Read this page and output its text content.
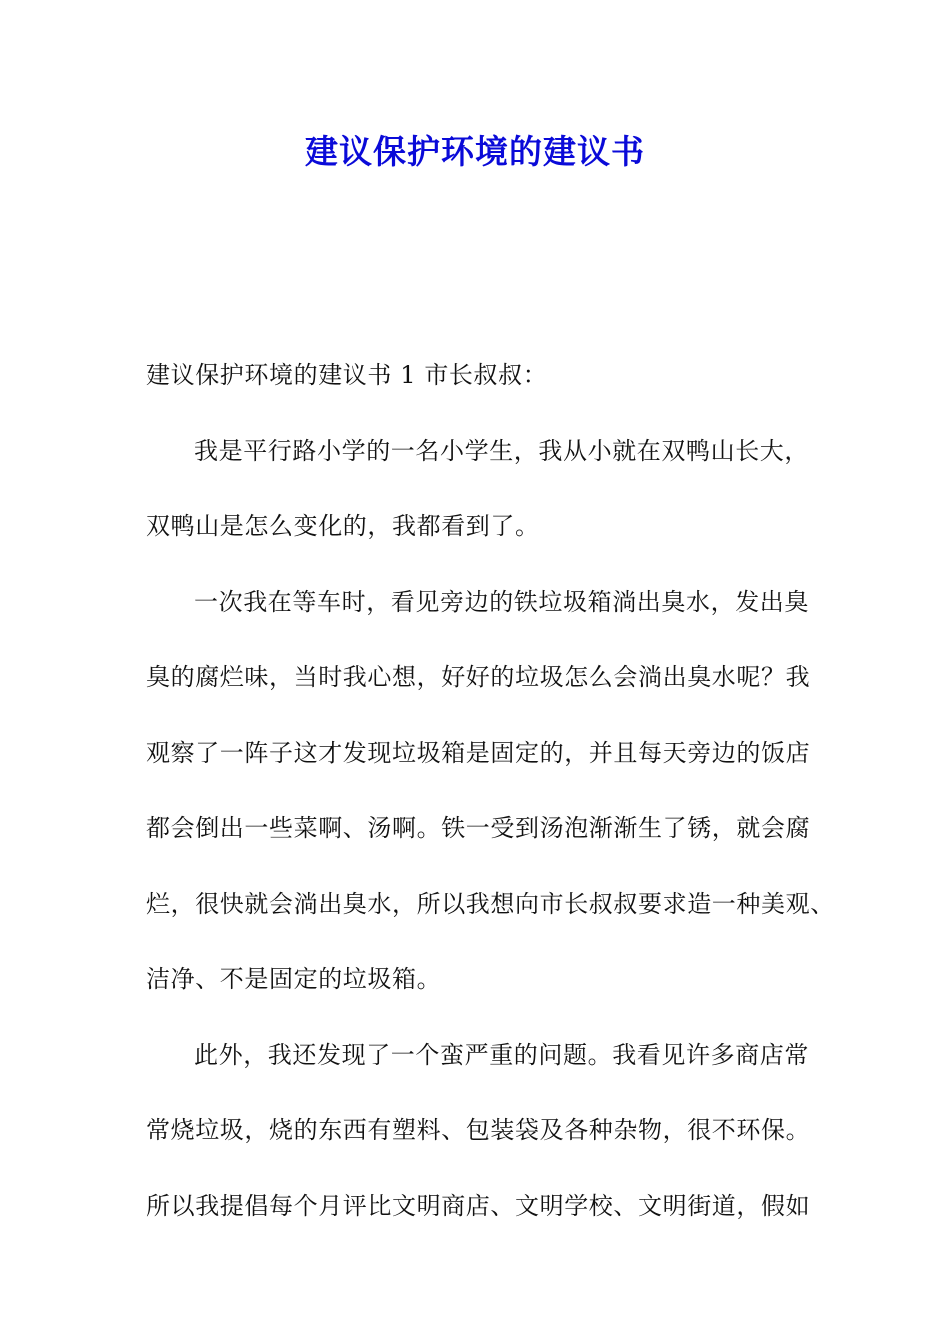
建议保护环境的建议书
建议保护环境的建议书 1 市长叔叔：
我是平行路小学的一名小学生，我从小就在双鸭山长大，
双鸭山是怎么变化的，我都看到了。
一次我在等车时，看见旁边的铁垃圾箱淌出臭水，发出臭
臭的腐烂味，当时我心想，好好的垃圾怎么会淌出臭水呢？我
观察了一阵子这才发现垃圾箱是固定的，并且每天旁边的饭店
都会倒出一些菜啊、汤啊。铁一受到汤泡渐渐生了锈，就会腐
烂，很快就会淌出臭水，所以我想向市长叔叔要求造一种美观、
洁净、不是固定的垃圾箱。
此外，我还发现了一个蛮严重的问题。我看见许多商店常
常烧垃圾，烧的东西有塑料、包装袋及各种杂物，很不环保。
所以我提倡每个月评比文明商店、文明学校、文明街道，假如
